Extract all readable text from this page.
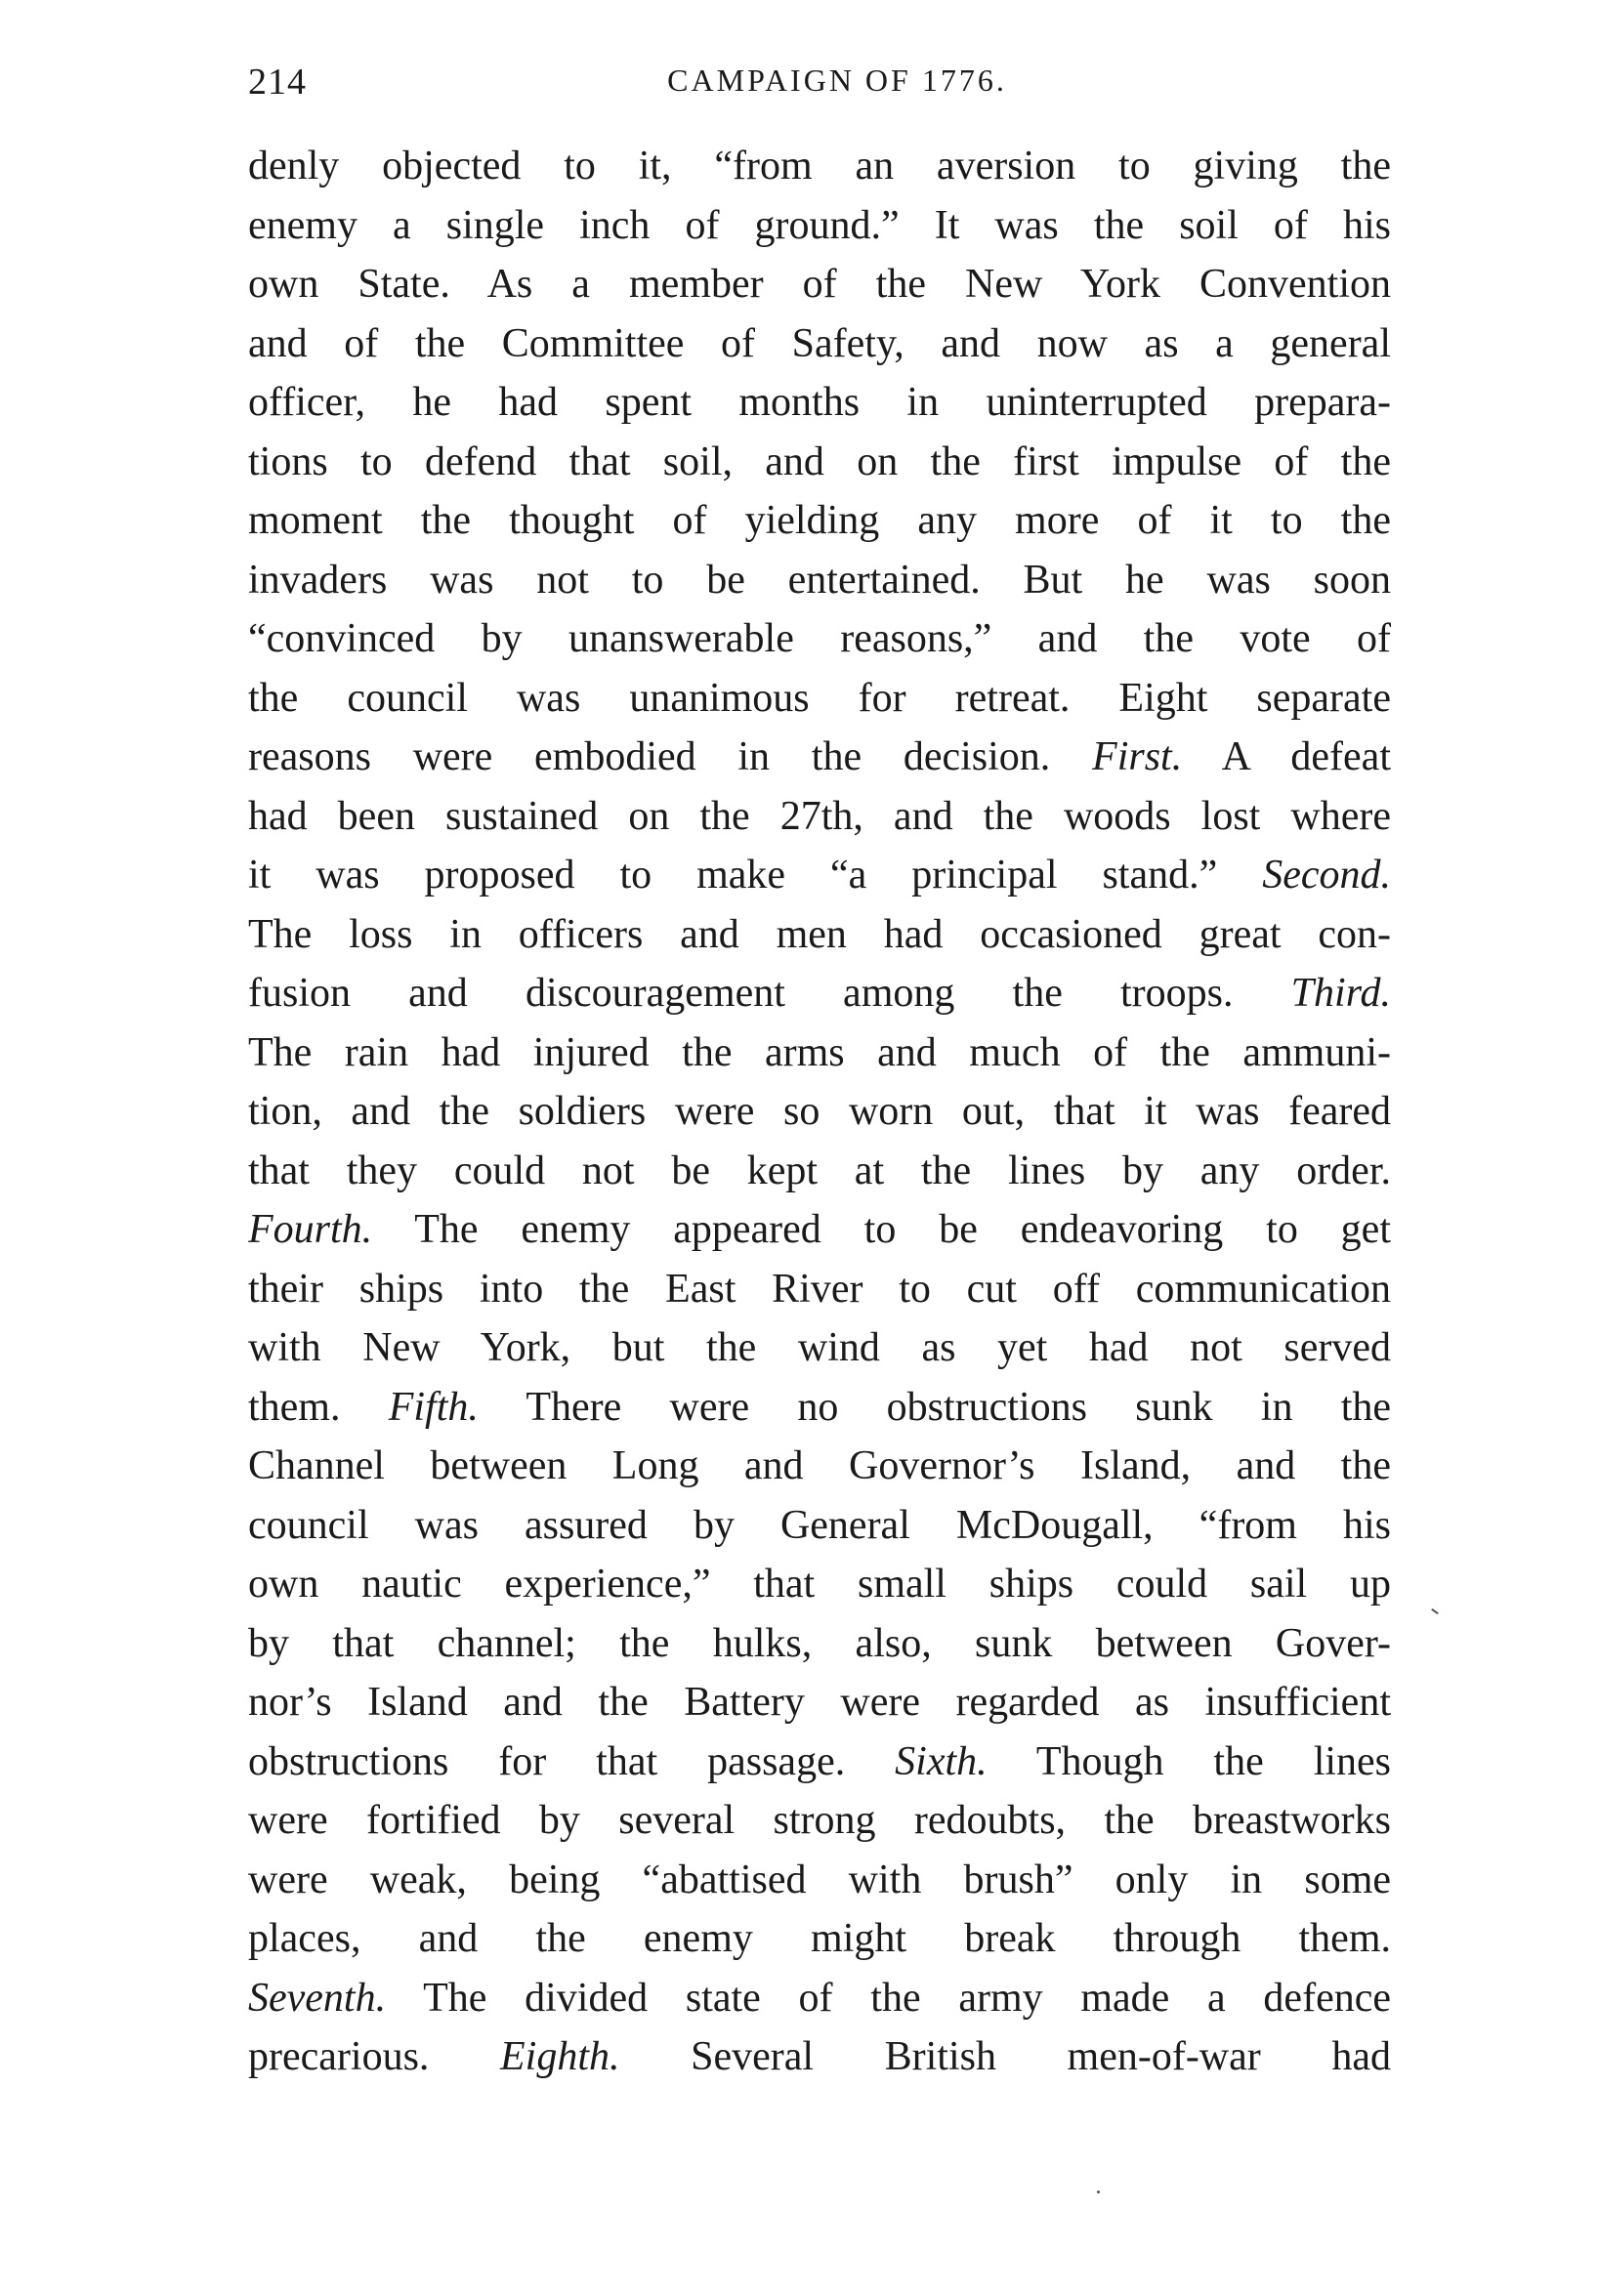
214	CAMPAIGN OF 1776.
denly objected to it, “from an aversion to giving the
enemy a single inch of ground.” It was the soil of his
own State. As a member of the New York Convention
and of the Committee of Safety, and now as a general
officer, he had spent months in uninterrupted prepara-
tions to defend that soil, and on the first impulse of the
moment the thought of yielding any more of it to the
invaders was not to be entertained. But he was soon
“convinced by unanswerable reasons,” and the vote of
the council was unanimous for retreat. Eight separate
reasons were embodied in the decision. First. A defeat
had been sustained on the 27th, and the woods lost where
it was proposed to make “a principal stand.” Second.
The loss in officers and men had occasioned great con-
fusion and discouragement among the troops. Third.
The rain had injured the arms and much of the ammuni-
tion, and the soldiers were so worn out, that it was feared
that they could not be kept at the lines by any order.
Fourth. The enemy appeared to be endeavoring to get
their ships into the East River to cut off communication
with New York, but the wind as yet had not served
them. Fifth. There were no obstructions sunk in the
Channel between Long and Governor’s Island, and the
council was assured by General McDougall, “from his
own nautic experience,” that small ships could sail up
by that channel; the hulks, also, sunk between Gover-
nor’s Island and the Battery were regarded as insufficient
obstructions for that passage. Sixth. Though the lines
were fortified by several strong redoubts, the breastworks
were weak, being “abattised with brush” only in some
places, and the enemy might break through them.
Seventh. The divided state of the army made a defence
precarious. Eighth. Several British men-of-war had
